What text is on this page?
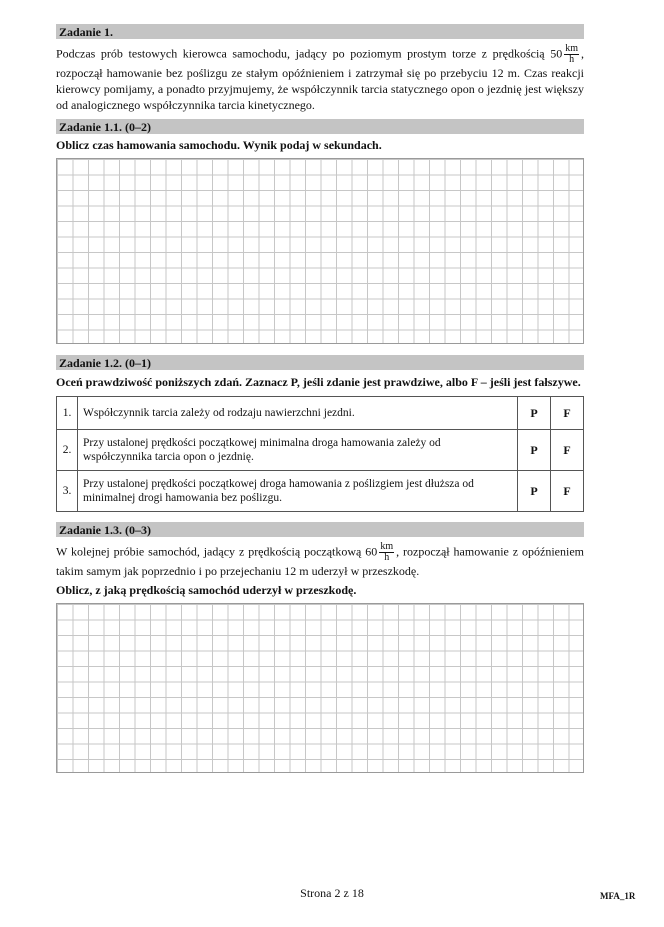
Zadanie 1.

Podczas prób testowych kierowca samochodu, jadący po poziomym prostym torze z prędkością $50 \frac{km}{h}$ , rozpoczął hamowanie bez poślizgu ze stałym opóźnieniem i zatrzymał się po przebyciu 12 m. Czas reakcji kierowcy pomijamy, a ponadto przyjmujemy, że współczynnik tarcia statycznego opon o jezdnię jest większy od analogicznego współczynnika tarcia kinetycznego.

Zadanie 1.1. (0–2)

Oblicz czas hamowania samochodu. Wynik podaj w sekundach.

Zadanie 1.2. (0–1)

Oceń prawdziwość poniższych zdań. Zaznacz P, jeśli zdanie jest prawdziwe, albo F – jeśli jest fałszywe.

1.	Współczynnik tarcia zależy od rodzaju nawierzchni jezdni.	P	F
2.	Przy ustalonej prędkości początkowej minimalna droga hamowania zależy od współczynnika tarcia opon o jezdnię.	P	F
3.	Przy ustalonej prędkości początkowej droga hamowania z poślizgiem jest dłuższa od minimalnej drogi hamowania bez poślizgu.	P	F
Zadanie 1.3. (0–3)

W kolejnej próbie samochód, jadący z prędkością początkową $60 \frac{km}{h}$ , rozpoczął hamowanie z opóźnieniem takim samym jak poprzednio i po przejechaniu 12 m uderzył w przeszkodę.

Oblicz, z jaką prędkością samochód uderzył w przeszkodę.

Strona 2 z 18	MFA_1R
